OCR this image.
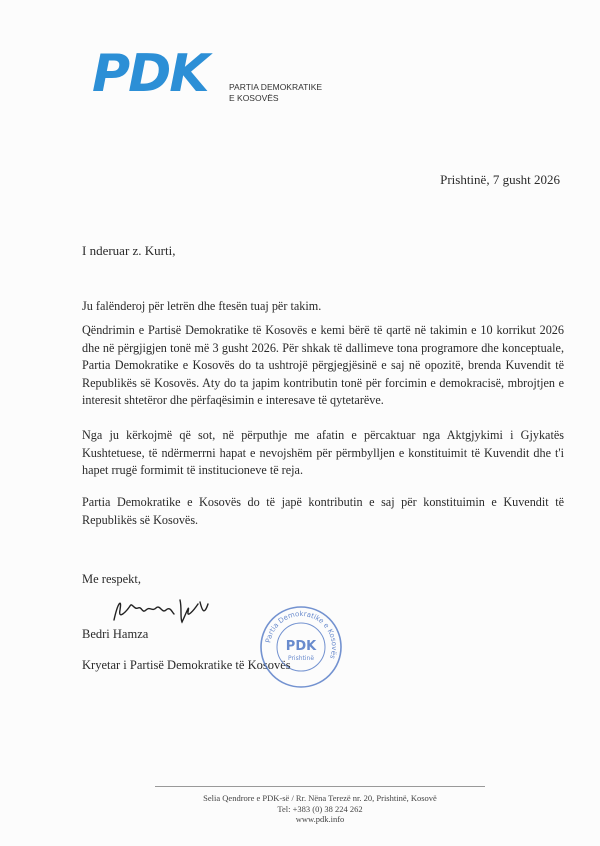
PDK	PARTIA DEMOKRATIKE
E KOSOVËS
Prishtinë, 7 gusht 2026
I nderuar z. Kurti,

Ju falënderoj për letrën dhe ftesën tuaj për takim.

Qëndrimin e Partisë Demokratike të Kosovës e kemi bërë të qartë në takimin e 10 korrikut 2026 dhe në përgjigjen tonë më 3 gusht 2026. Për shkak të dallimeve tona programore dhe konceptuale, Partia Demokratike e Kosovës do ta ushtrojë përgjegjësinë e saj në opozitë, brenda Kuvendit të Republikës së Kosovës. Aty do ta japim kontributin tonë për forcimin e demokracisë, mbrojtjen e interesit shtetëror dhe përfaqësimin e interesave të qytetarëve.

Nga ju kërkojmë që sot, në përputhje me afatin e përcaktuar nga Aktgjykimi i Gjykatës Kushtetuese, të ndërmerrni hapat e nevojshëm për përmbylljen e konstituimit të Kuvendit dhe t'i hapet rrugë formimit të institucioneve të reja.

Partia Demokratike e Kosovës do të japë kontributin e saj për konstituimin e Kuvendit të Republikës së Kosovës.

Me respekt,
Bedri Hamza
Kryetar i Partisë Demokratike të Kosovës
Partia Demokratike e Kosovës
PDK
Prishtinë
Selia Qendrore e PDK-së / Rr. Nëna Terezë nr. 20, Prishtinë, Kosovë
Tel: +383 (0) 38 224 262
www.pdk.info
